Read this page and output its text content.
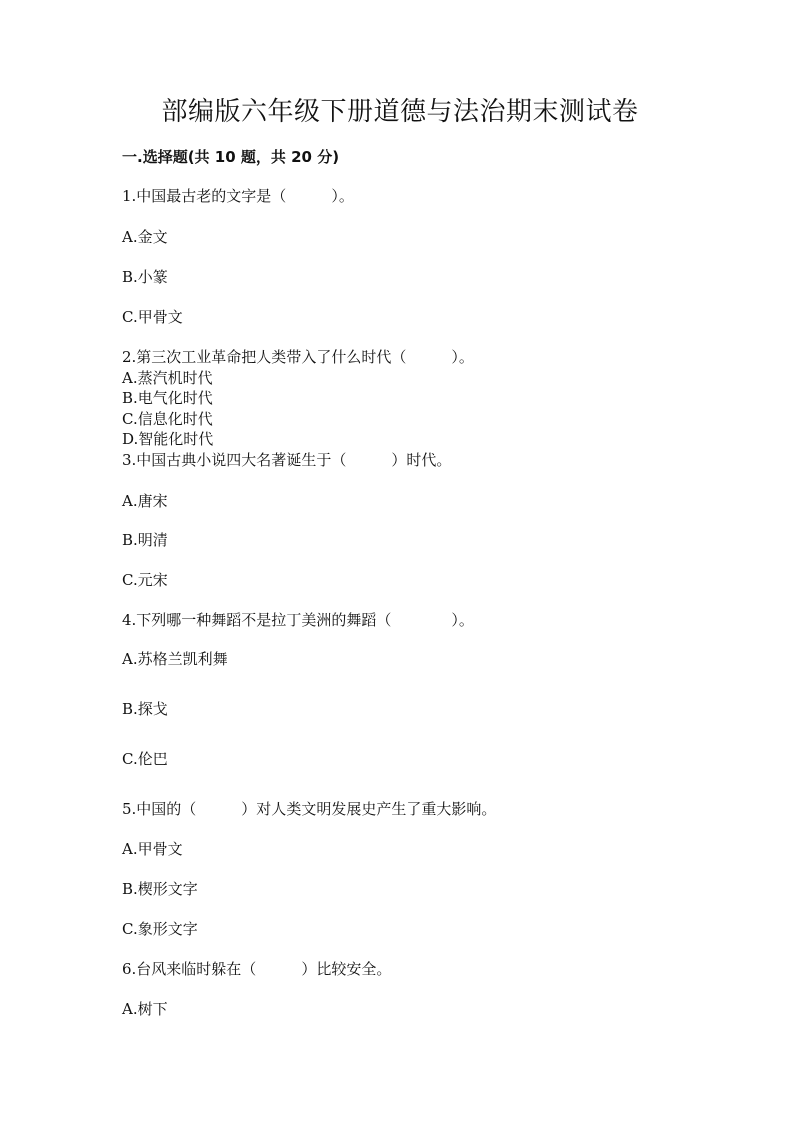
部编版六年级下册道德与法治期末测试卷
一.选择题(共 10 题，共 20 分)
1.中国最古老的文字是（　　　）。
A.金文
B.小篆
C.甲骨文
2.第三次工业革命把人类带入了什么时代（　　　）。
A.蒸汽机时代
B.电气化时代
C.信息化时代
D.智能化时代
3.中国古典小说四大名著诞生于（　　　）时代。
A.唐宋
B.明清
C.元宋
4.下列哪一种舞蹈不是拉丁美洲的舞蹈（　　　　）。
A.苏格兰凯利舞
B.探戈
C.伦巴
5.中国的（　　　）对人类文明发展史产生了重大影响。
A.甲骨文
B.楔形文字
C.象形文字
6.台风来临时躲在（　　　）比较安全。
A.树下
